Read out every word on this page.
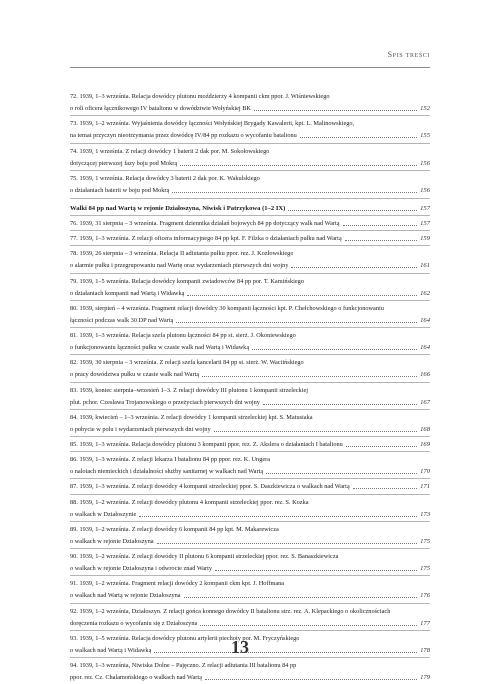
Spis treści
72. 1939, 1–3 września. Relacja dowódcy plutonu moździerzy 4 kompanii ckm ppor. J. Wiśniewskiego
o roli oficera łącznikowego IV batalionu w dowództwie Wołyńskiej BK	152
73. 1939, 1–2 września. Wyjaśnienia dowódcy łączności Wołyńskiej Brygady Kawalerii, kpt. L. Malinowskiego,
na temat przyczyn nieotrzymania przez dowódcę IV/84 pp rozkazu o wycofaniu batalionu	155
74. 1939, 1 września. Z relacji dowódcy 1 baterii 2 dak por. M. Sokołowskiego
dotyczącej pierwszej fazy boju pod Mokrą	156
75. 1939, 1 września. Relacja dowódcy 3 baterii 2 dak por. K. Wakulskiego
o działaniach baterii w boju pod Mokrą	156
Walki 84 pp nad Wartą w rejonie Działoszyna, Niwisk i Patrzykowa (1–2 IX)	157
76. 1939, 31 sierpnia – 3 września. Fragment dziennika działań bojowych 84 pp dotyczący walk nad Wartą	157
77. 1939, 1–3 września. Z relacji oficera informacyjnego 84 pp kpt. F. Filzka o działaniach pułku nad Wartą	159
78. 1939, 26 sierpnia – 3 września. Relacja II adiutanta pułku ppor. rez. J. Kozłowskiego
o alarmie pułku i przegrupowaniu nad Wartę oraz wydarzeniach pierwszych dni wojny	161
79. 1939, 1–5 września. Relacja dowódcy kompanii zwiadowców 84 pp por. T. Kamińskiego
o działaniach kompanii nad Wartą i Widawką	162
80. 1939, sierpień – 4 września. Fragment relacji dowódcy 30 kompanii łączności kpt. P. Chełchowskiego o funkcjonowaniu
łączności podczas walk 30 DP nad Wartą	164
81. 1939, 1–3 września. Relacja szefa plutonu łączności 84 pp st. sierż. J. Okoniewskiego
o funkcjonowaniu łączności pułku w czasie walk nad Wartą i Widawką	164
82. 1939, 30 sierpnia – 3 września. Z relacji szefa kancelarii 84 pp st. sierż. W. Waciińskiego
o pracy dowództwa pułku w czasie walk nad Wartą	166
83. 1939, koniec sierpnia–wrzesień 1–3. Z relacji dowódcy III plutonu 1 kompanii strzeleckiej
plut. pchor. Czesława Trojanowskiego o przeżyciach pierwszych dni wojny	167
84. 1939, kwiecień – 1–3 września. Z relacji dowódcy 1 kompanii strzeleckiej kpt. S. Matusiaka
o pobycie w polu i wydarzeniach pierwszych dni wojny	168
85. 1939, 1–3 września. Relacja dowódcy plutonu 3 kompanii ppor. rez. Z. Akslera o działaniach I batalionu	169
86. 1939, 1–3 września. Z relacji lekarza I batalionu 84 pp ppor. rez. K. Ungera
o nalotach niemieckich i działalności służby sanitarnej w walkach nad Wartą	170
87. 1939, 1–3 września. Z relacji dowódcy 4 kompanii strzeleckiej ppor. S. Daszkiewicza o walkach nad Wartą	171
88. 1939, 1–2 września. Z relacji dowódcy plutonu 4 kompanii strzeleckiej ppor. rez. S. Kozka
o walkach w Działoszynie	173
89. 1939, 1–2 września. Z relacji dowódcy 6 kompanii 84 pp kpt. M. Makarewicza
o walkach w rejonie Działoszyna	175
90. 1939, 1–2 września. Z relacji dowódcy II plutonu 6 kompanii strzeleckiej ppor. rez. S. Banaszkiewicza
o walkach w rejonie Działoszyna i odwrocie znad Warty	175
91. 1939, 1–2 września. Fragment relacji dowódcy 2 kompanii ckm kpt. J. Hoffmana
o walkach nad Wartą w rejonie Działoszyna	176
92. 1939, 1–2 września, Działoszyn. Z relacji gońca konnego dowódcy II batalionu strz. rez. A. Klepackiego o okolicznościach
doręczenia rozkazu o wycofaniu się z Działoszyna	177
93. 1939, 1–5 września. Relacja dowódcy plutonu artylerii piechoty por. M. Fryczyńskiego
o walkach nad Wartą i Widawką	178
94. 1939, 1–3 września, Niwiska Dolne – Pajęczno. Z relacji adiutanta III batalionu 84 pp
ppor. rez. Cz. Chalamońskiego o walkach nad Wartą	179
13
